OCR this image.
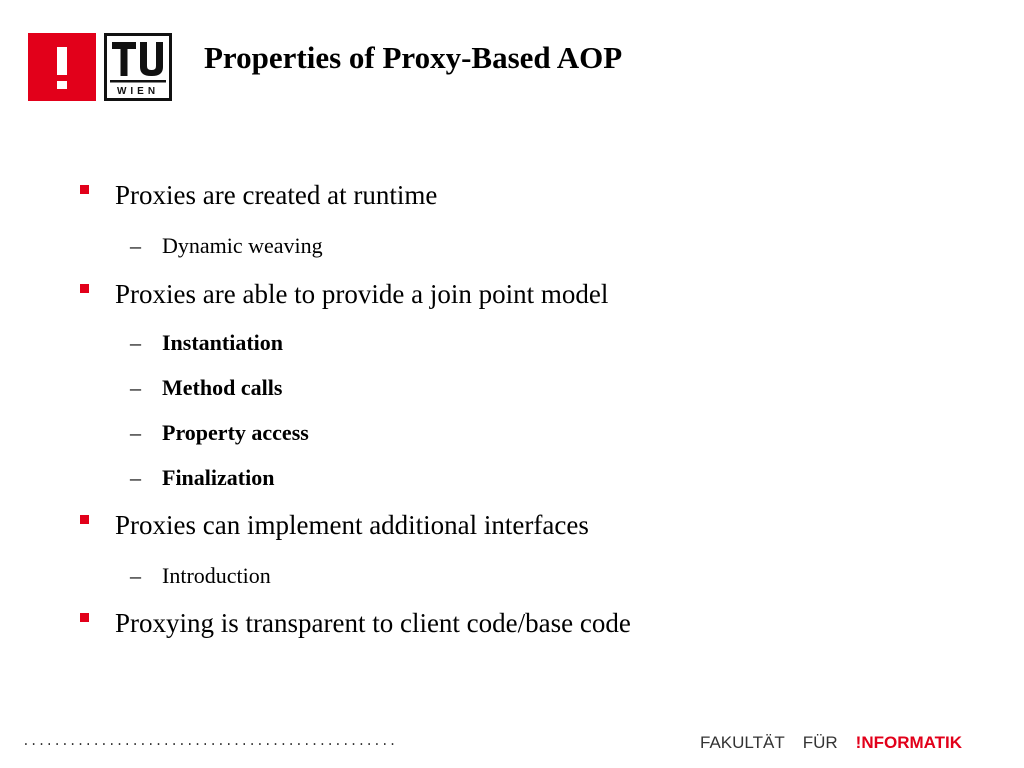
WIEN
Properties of Proxy-Based AOP
Proxies are created at runtime
– Dynamic weaving
Proxies are able to provide a join point model
– Instantiation
– Method calls
– Property access
– Finalization
Proxies can implement additional interfaces
– Introduction
Proxying is transparent to client code/base code
................................................	FAKULTÄT FÜR !NFORMATIK
